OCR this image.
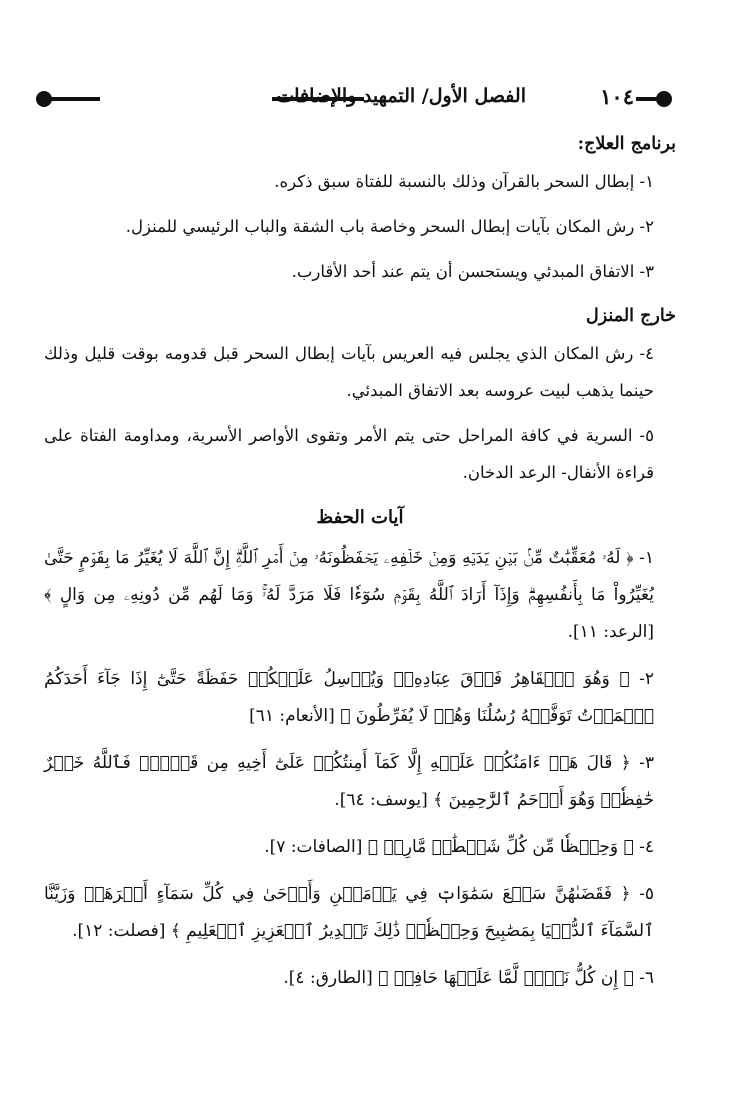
١٠٤
الفصل الأول/ التمهيد والإضافات

برنامج العلاج:

١- إبطال السحر بالقرآن وذلك بالنسبة للفتاة سبق ذكره.

٢- رش المكان بآيات إبطال السحر وخاصة باب الشقة والباب الرئيسي للمنزل.

٣- الاتفاق المبدئي ويستحسن أن يتم عند أحد الأقارب.

خارج المنزل

٤- رش المكان الذي يجلس فيه العريس بآيات إبطال السحر قبل قدومه بوقت قليل وذلك حينما يذهب لبيت عروسه بعد الاتفاق المبدئي.

٥- السرية في كافة المراحل حتى يتم الأمر وتقوى الأواصر الأسرية، ومداومة الفتاة على قراءة الأنفال- الرعد الدخان.

آيات الحفظ

١- ﴿ لَهُۥ مُعَقِّبَٰتٌ مِّنۢ بَيۡنِ يَدَيۡهِ وَمِنۡ خَلۡفِهِۦ يَحۡفَظُونَهُۥ مِنۡ أَمۡرِ ٱللَّهِۗ إِنَّ ٱللَّهَ لَا يُغَيِّرُ مَا بِقَوۡمٍ حَتَّىٰ يُغَيِّرُواْ مَا بِأَنفُسِهِمۡۗ وَإِذَآ أَرَادَ ٱللَّهُ بِقَوۡمٖ سُوٓءٗا فَلَا مَرَدَّ لَهُۥۚ وَمَا لَهُم مِّن دُونِهِۦ مِن وَالٍ ﴾ [الرعد: ١١].

٢- ﴿ وَهُوَ ٱلۡقَاهِرُ فَوۡقَ عِبَادِهِۦۖ وَيُرۡسِلُ عَلَيۡكُمۡ حَفَظَةً حَتَّىٰٓ إِذَا جَآءَ أَحَدَكُمُ ٱلۡمَوۡتُ تَوَفَّتۡهُ رُسُلُنَا وَهُمۡ لَا يُفَرِّطُونَ ﴾ [الأنعام: ٦١]

٣- ﴿ قَالَ هَلۡ ءَامَنُكُمۡ عَلَيۡهِ إِلَّا كَمَآ أَمِنتُكُمۡ عَلَىٰٓ أَخِيهِ مِن قَبۡلُۖ فَٱللَّهُ خَيۡرٌ حَٰفِظٗاۖ وَهُوَ أَرۡحَمُ ٱلرَّٰحِمِينَ ﴾ [يوسف: ٦٤].

٤- ﴿ وَحِفۡظٗا مِّن كُلِّ شَيۡطَٰنٖ مَّارِدٖ ﴾ [الصافات: ٧].

٥- ﴿ فَقَضَىٰهُنَّ سَبۡعَ سَمَٰوَاتٖ فِي يَوۡمَيۡنِ وَأَوۡحَىٰ فِي كُلِّ سَمَآءٍ أَمۡرَهَاۚ وَزَيَّنَّا ٱلسَّمَآءَ ٱلدُّنۡيَا بِمَصَٰبِيحَ وَحِفۡظٗاۚ ذَٰلِكَ تَقۡدِيرُ ٱلۡعَزِيزِ ٱلۡعَلِيمِ ﴾ [فصلت: ١٢].

٦- ﴿ إِن كُلُّ نَفۡسٖ لَّمَّا عَلَيۡهَا حَافِظٞ ﴾ [الطارق: ٤].
